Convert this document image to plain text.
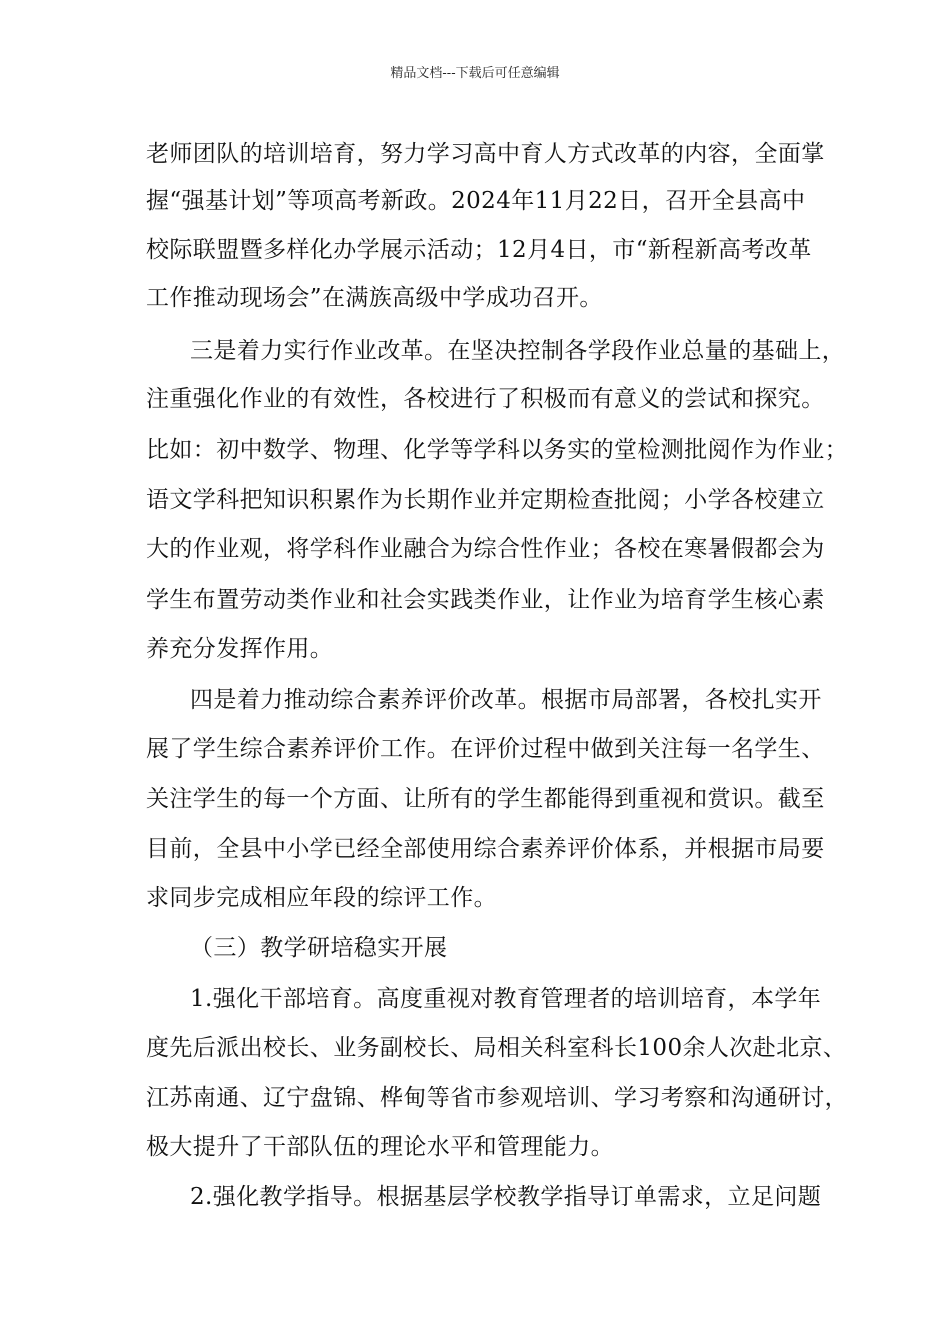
精品文档---下载后可任意编辑
老师团队的培训培育，努力学习高中育人方式改革的内容，全面掌
握“强基计划”等项高考新政。2024年11月22日，召开全县高中
校际联盟暨多样化办学展示活动；12月4日，市“新程新高考改革
工作推动现场会”在满族高级中学成功召开。
三是着力实行作业改革。在坚决控制各学段作业总量的基础上，
注重强化作业的有效性，各校进行了积极而有意义的尝试和探究。
比如：初中数学、物理、化学等学科以务实的堂检测批阅作为作业；
语文学科把知识积累作为长期作业并定期检查批阅；小学各校建立
大的作业观，将学科作业融合为综合性作业；各校在寒暑假都会为
学生布置劳动类作业和社会实践类作业，让作业为培育学生核心素
养充分发挥作用。
四是着力推动综合素养评价改革。根据市局部署，各校扎实开
展了学生综合素养评价工作。在评价过程中做到关注每一名学生、
关注学生的每一个方面、让所有的学生都能得到重视和赏识。截至
目前，全县中小学已经全部使用综合素养评价体系，并根据市局要
求同步完成相应年段的综评工作。
（三）教学研培稳实开展
1.强化干部培育。高度重视对教育管理者的培训培育，本学年
度先后派出校长、业务副校长、局相关科室科长100余人次赴北京、
江苏南通、辽宁盘锦、桦甸等省市参观培训、学习考察和沟通研讨，
极大提升了干部队伍的理论水平和管理能力。
2.强化教学指导。根据基层学校教学指导订单需求，立足问题
